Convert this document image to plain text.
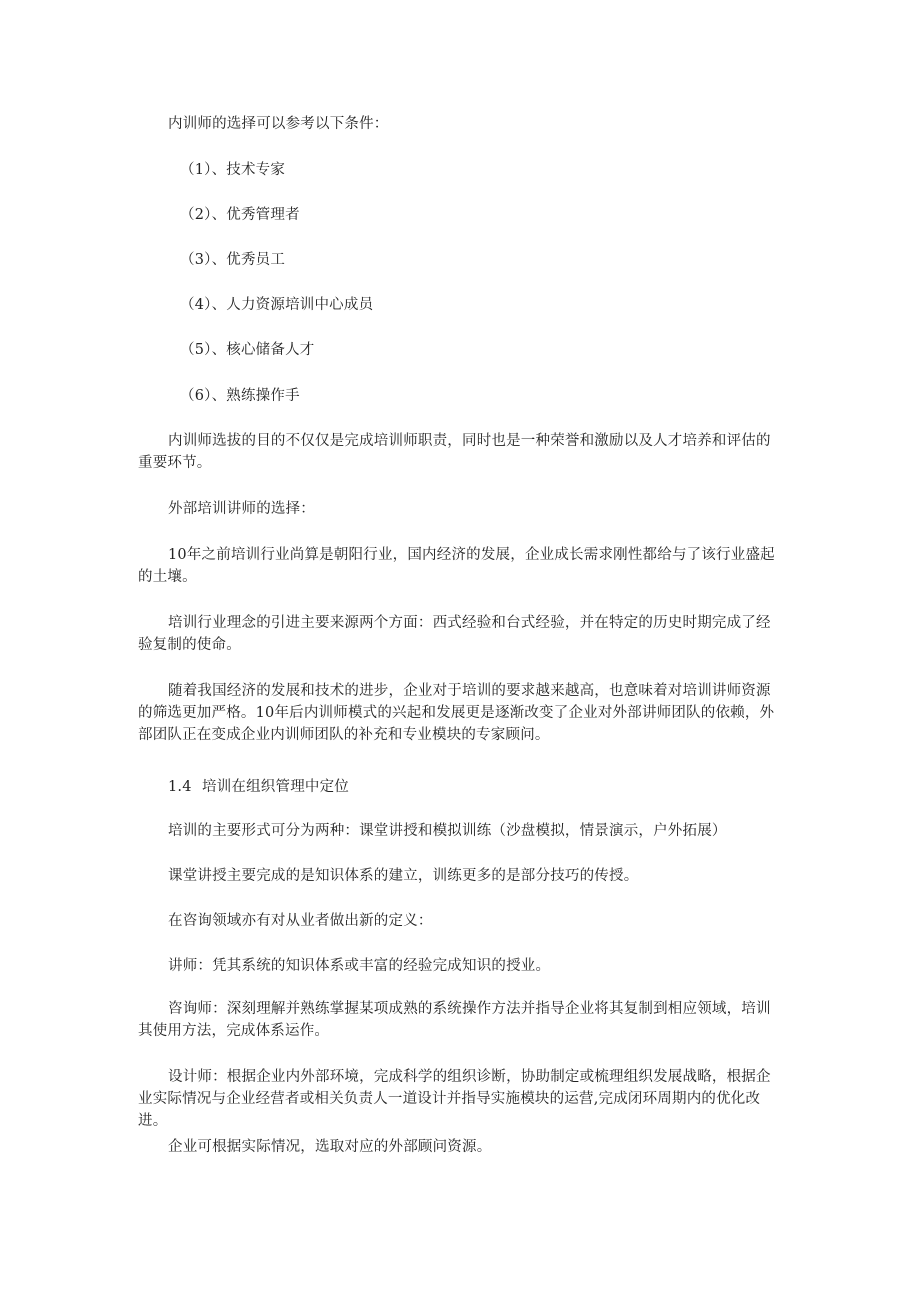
内训师的选择可以参考以下条件：

（1）、技术专家

（2）、优秀管理者

（3）、优秀员工

（4）、人力资源培训中心成员

（5）、核心储备人才

（6）、熟练操作手

内训师选拔的目的不仅仅是完成培训师职责，同时也是一种荣誉和激励以及人才培养和评估的重要环节。

外部培训讲师的选择：

10年之前培训行业尚算是朝阳行业，国内经济的发展，企业成长需求刚性都给与了该行业盛起的土壤。

培训行业理念的引进主要来源两个方面：西式经验和台式经验，并在特定的历史时期完成了经验复制的使命。

随着我国经济的发展和技术的进步，企业对于培训的要求越来越高，也意味着对培训讲师资源的筛选更加严格。10年后内训师模式的兴起和发展更是逐渐改变了企业对外部讲师团队的依赖，外部团队正在变成企业内训师团队的补充和专业模块的专家顾问。

1.4 培训在组织管理中定位

培训的主要形式可分为两种：课堂讲授和模拟训练（沙盘模拟，情景演示，户外拓展）

课堂讲授主要完成的是知识体系的建立，训练更多的是部分技巧的传授。

在咨询领域亦有对从业者做出新的定义：

讲师：凭其系统的知识体系或丰富的经验完成知识的授业。

咨询师：深刻理解并熟练掌握某项成熟的系统操作方法并指导企业将其复制到相应领域，培训其使用方法，完成体系运作。

设计师：根据企业内外部环境，完成科学的组织诊断，协助制定或梳理组织发展战略，根据企业实际情况与企业经营者或相关负责人一道设计并指导实施模块的运营,完成闭环周期内的优化改进。

企业可根据实际情况，选取对应的外部顾问资源。
